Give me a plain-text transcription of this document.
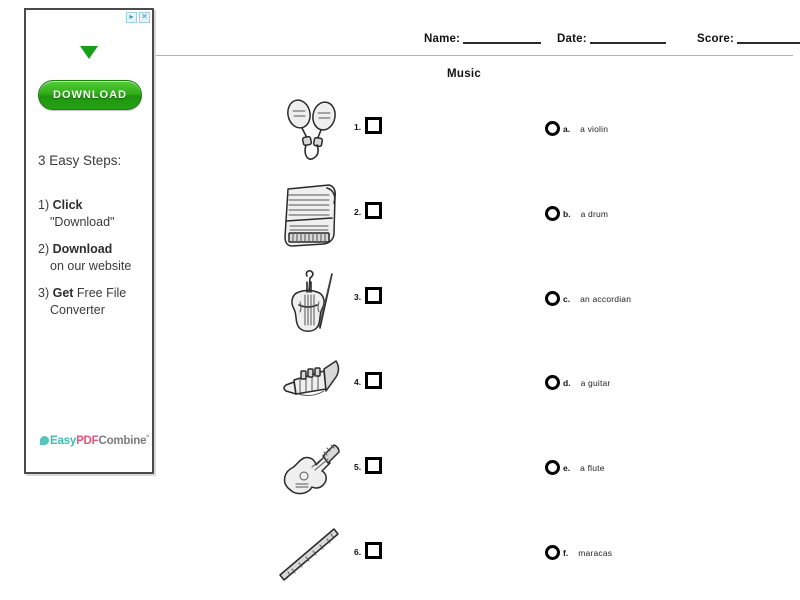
Name:	Date:	Score:
Music
1.
2.
3.
4.
5.
6.
a. a violin
b. a drum
c. an accordian
d. a guitar
e. a flute
f. maracas
▸ ✕
DOWNLOAD
3 Easy Steps:
1) Click
"Download"
2) Download
on our website
3) Get Free File
Converter
EasyPDFCombine°
